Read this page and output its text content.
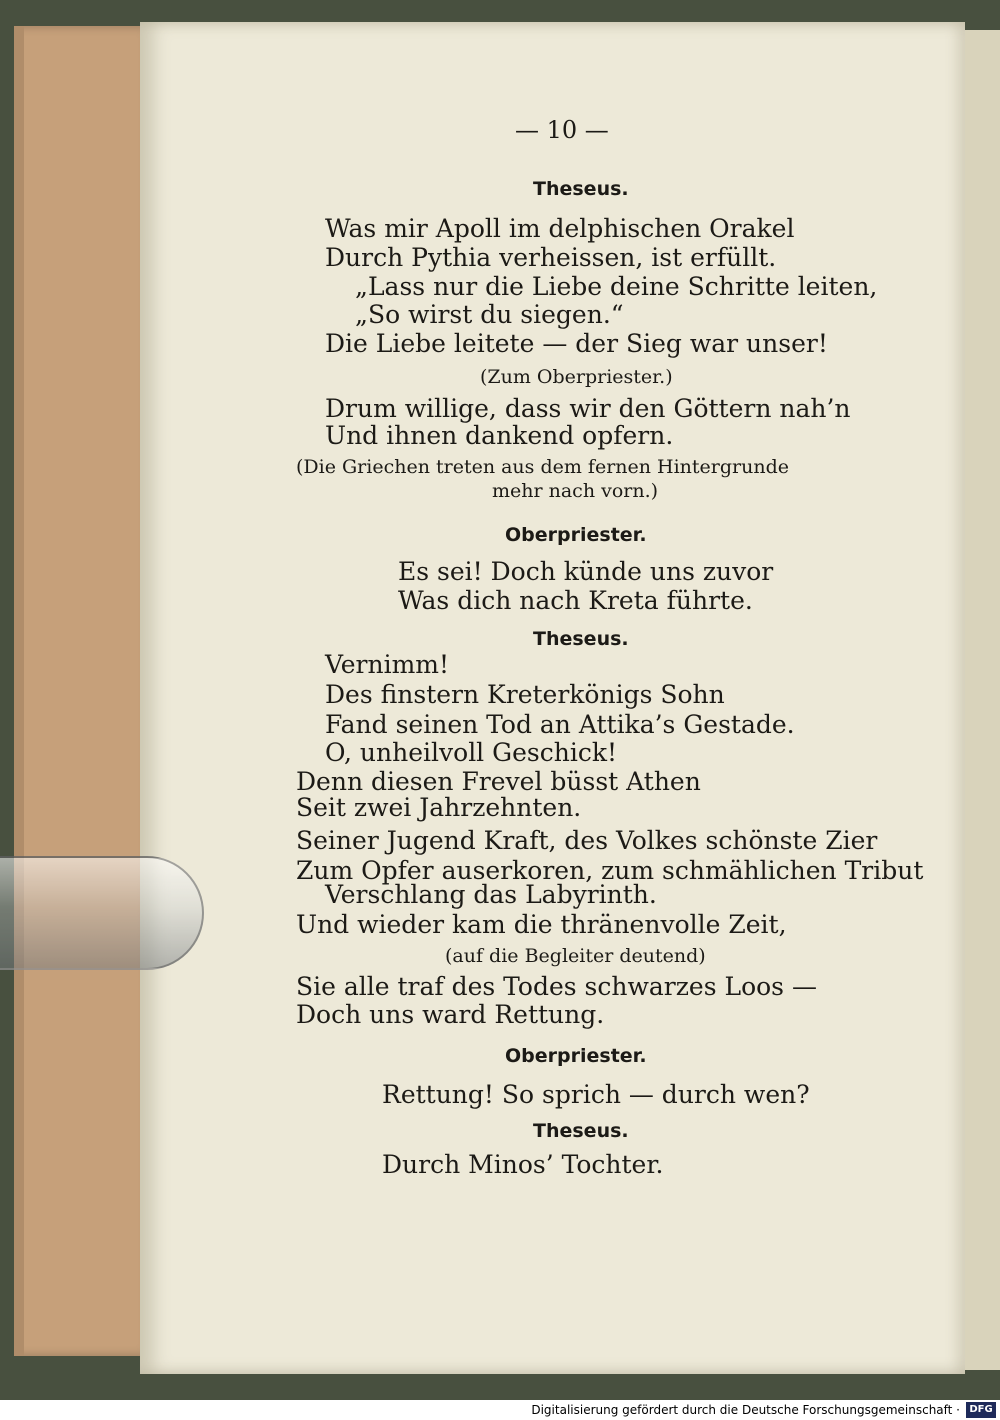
— 10 —
Theseus.
Was mir Apoll im delphischen Orakel
Durch Pythia verheissen, ist erfüllt.
„Lass nur die Liebe deine Schritte leiten,
„So wirst du siegen.“
Die Liebe leitete — der Sieg war unser!
(Zum Oberpriester.)
Drum willige, dass wir den Göttern nah’n
Und ihnen dankend opfern.
(Die Griechen treten aus dem fernen Hintergrunde
mehr nach vorn.)
Oberpriester.
Es sei! Doch künde uns zuvor
Was dich nach Kreta führte.
Theseus.
Vernimm!
Des finstern Kreterkönigs Sohn
Fand seinen Tod an Attika’s Gestade.
O, unheilvoll Geschick!
Denn diesen Frevel büsst Athen
Seit zwei Jahrzehnten.
Seiner Jugend Kraft, des Volkes schönste Zier
Zum Opfer auserkoren, zum schmählichen Tribut
Verschlang das Labyrinth.
Und wieder kam die thränenvolle Zeit,
(auf die Begleiter deutend)
Sie alle traf des Todes schwarzes Loos —
Doch uns ward Rettung.
Oberpriester.
Rettung! So sprich — durch wen?
Theseus.
Durch Minos’ Tochter.
Digitalisierung gefördert durch die Deutsche Forschungsgemeinschaft · DFG
